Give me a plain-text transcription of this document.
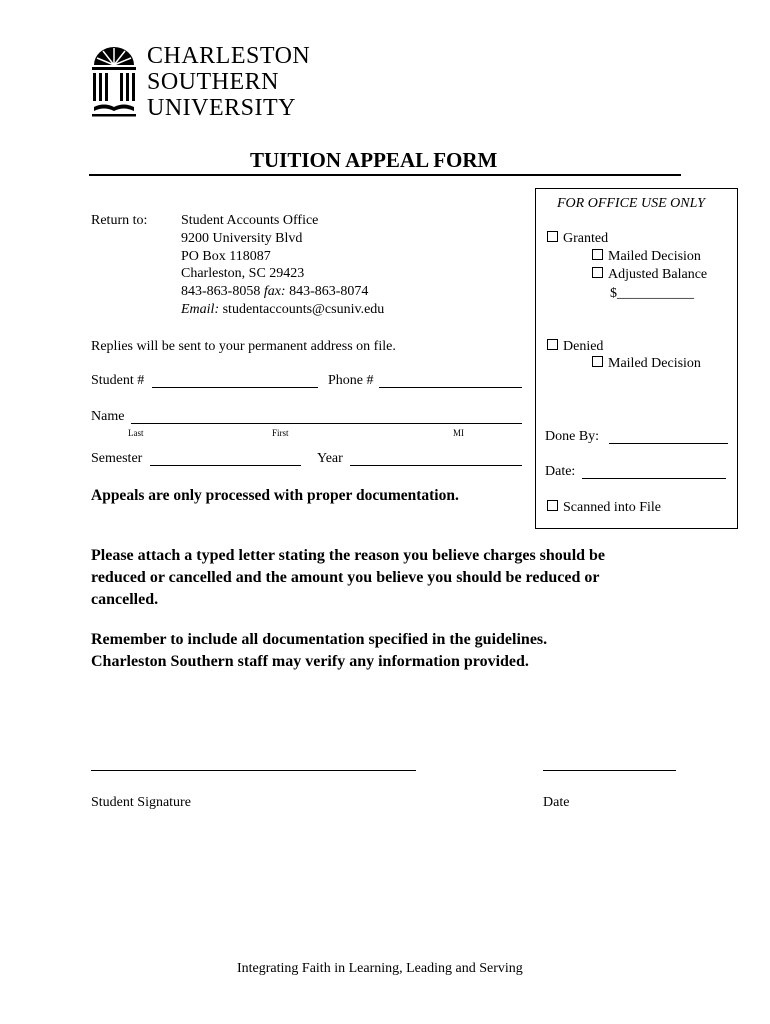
CHARLESTON
SOUTHERN
UNIVERSITY
TUITION APPEAL FORM
Return to: Student Accounts Office
9200 University Blvd
PO Box 118087
Charleston, SC 29423
843-863-8058 fax: 843-863-8074
Email: studentaccounts@csuniv.edu
Replies will be sent to your permanent address on file.
Student #	Phone #
Name
Last	First	MI
Semester	Year
Appeals are only processed with proper documentation.
FOR OFFICE USE ONLY
Granted
Mailed Decision
Adjusted Balance
$___________
Denied
Mailed Decision
Done By:
Date:
Scanned into File
Please attach a typed letter stating the reason you believe charges should be
reduced or cancelled and the amount you believe you should be reduced or
cancelled.
Remember to include all documentation specified in the guidelines.
Charleston Southern staff may verify any information provided.
Student Signature	Date
Integrating Faith in Learning, Leading and Serving
